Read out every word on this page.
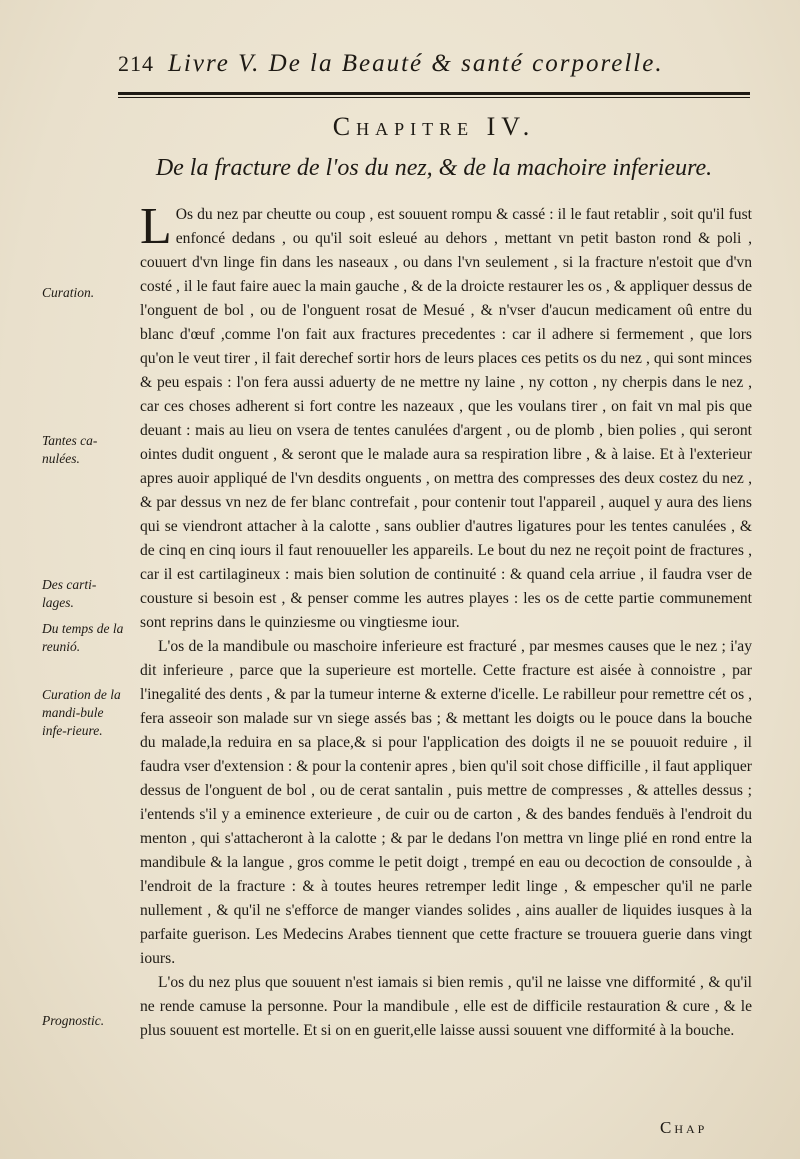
214 Livre V. De la Beauté & santé corporelle.
Chapitre IV.
De la fracture de l'os du nez, & de la machoire inferieure.
Curation.
Tantes ca-nulées.
Des carti-lages.
Du temps de la reunió.
Curation de la mandi-bule infe-rieure.
Prognostic.

L Os du nez par cheutte ou coup , est souuent rompu & cassé : il le faut retablir , soit qu'il fust enfoncé dedans , ou qu'il soit esleué au dehors , mettant vn petit baston rond & poli , couuert d'vn linge fin dans les naseaux , ou dans l'vn seulement , si la fracture n'estoit que d'vn costé , il le faut faire auec la main gauche , & de la droicte restaurer les os , & appliquer dessus de l'onguent de bol , ou de l'onguent rosat de Mesué , & n'vser d'aucun medicament oû entre du blanc d'œuf ,comme l'on fait aux fractures precedentes : car il adhere si fermement , que lors qu'on le veut tirer , il fait derechef sortir hors de leurs places ces petits os du nez , qui sont minces & peu espais : l'on fera aussi aduerty de ne mettre ny laine , ny cotton , ny cherpis dans le nez , car ces choses adherent si fort contre les nazeaux , que les voulans tirer , on fait vn mal pis que deuant : mais au lieu on vsera de tentes canulées d'argent , ou de plomb , bien polies , qui seront ointes dudit onguent , & seront que le malade aura sa respiration libre , & à laise. Et à l'exterieur apres auoir appliqué de l'vn desdits onguents , on mettra des compresses des deux costez du nez , & par dessus vn nez de fer blanc contrefait , pour contenir tout l'appareil , auquel y aura des liens qui se viendront attacher à la calotte , sans oublier d'autres ligatures pour les tentes canulées , & de cinq en cinq iours il faut renouueller les appareils. Le bout du nez ne reçoit point de fractures , car il est cartilagineux : mais bien solution de continuité : & quand cela arriue , il faudra vser de cousture si besoin est , & penser comme les autres playes : les os de cette partie communement sont reprins dans le quinziesme ou vingtiesme iour.

L'os de la mandibule ou maschoire inferieure est fracturé , par mesmes causes que le nez ; i'ay dit inferieure , parce que la superieure est mortelle. Cette fracture est aisée à connoistre , par l'inegalité des dents , & par la tumeur interne & externe d'icelle. Le rabilleur pour remettre cét os , fera asseoir son malade sur vn siege assés bas ; & mettant les doigts ou le pouce dans la bouche du malade,la reduira en sa place,& si pour l'application des doigts il ne se pouuoit reduire , il faudra vser d'extension : & pour la contenir apres , bien qu'il soit chose difficille , il faut appliquer dessus de l'onguent de bol , ou de cerat santalin , puis mettre de compresses , & attelles dessus ; i'entends s'il y a eminence exterieure , de cuir ou de carton , & des bandes fenduës à l'endroit du menton , qui s'attacheront à la calotte ; & par le dedans l'on mettra vn linge plié en rond entre la mandibule & la langue , gros comme le petit doigt , trempé en eau ou decoction de consoulde , à l'endroit de la fracture : & à toutes heures retremper ledit linge , & empescher qu'il ne parle nullement , & qu'il ne s'efforce de manger viandes solides , ains aualler de liquides iusques à la parfaite guerison. Les Medecins Arabes tiennent que cette fracture se trouuera guerie dans vingt iours.

L'os du nez plus que souuent n'est iamais si bien remis , qu'il ne laisse vne difformité , & qu'il ne rende camuse la personne. Pour la mandibule , elle est de difficile restauration & cure , & le plus souuent est mortelle. Et si on en guerit,elle laisse aussi souuent vne difformité à la bouche.

Chap
